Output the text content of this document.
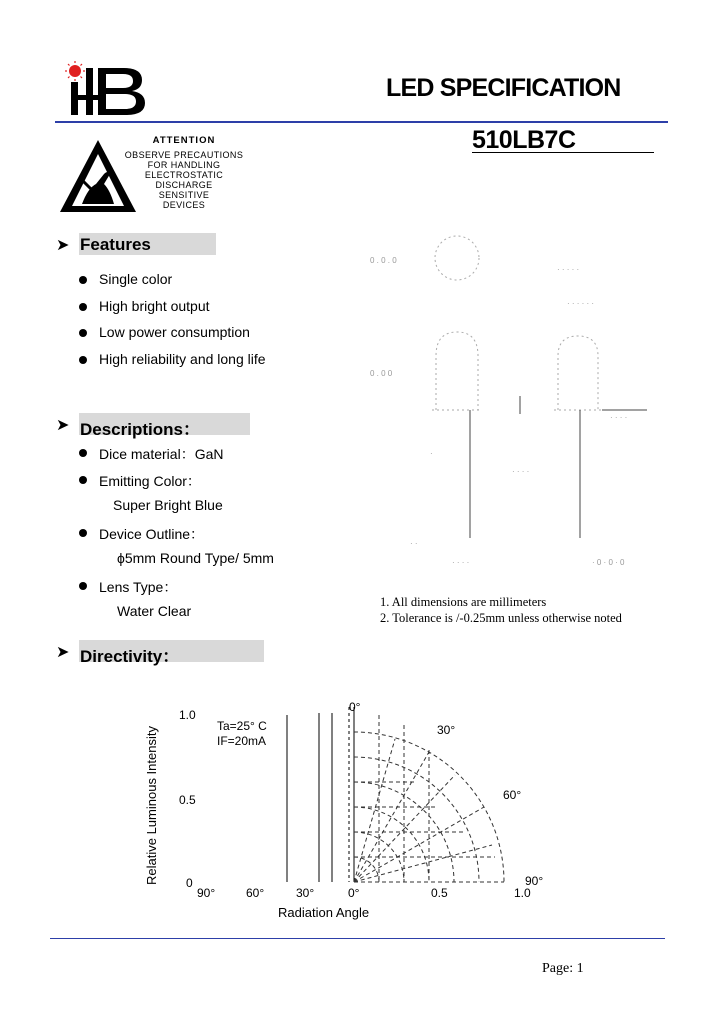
LED SPECIFICATION
510LB7C
ATTENTION
OBSERVE PRECAUTIONS
FOR HANDLING
ELECTROSTATIC
DISCHARGE
SENSITIVE
DEVICES
➤ Features
Single color
High bright output
Low power consumption
High reliability and long life
➤ Descriptions：
Dice material：GaN
Emitting Color：
Super Bright Blue
Device Outline：
ϕ5mm Round Type/ 5mm
Lens Type：
Water Clear
0 . 0 . 0
0 . 0 0
· · · · ·
· · · · · ·
· · · ·
· · · ·	· 0 · 0 · 0
· · · ·
·
· ·
1. All dimensions are millimeters
2. Tolerance is /-0.25mm unless otherwise noted
➤ Directivity：
Relative Luminous Intensity
1.0
0.5
0
Ta=25° C
IF=20mA
0°
30°
60°
90°
90°	60°	30°	0°	0.5	1.0
Radiation Angle
Page: 1
